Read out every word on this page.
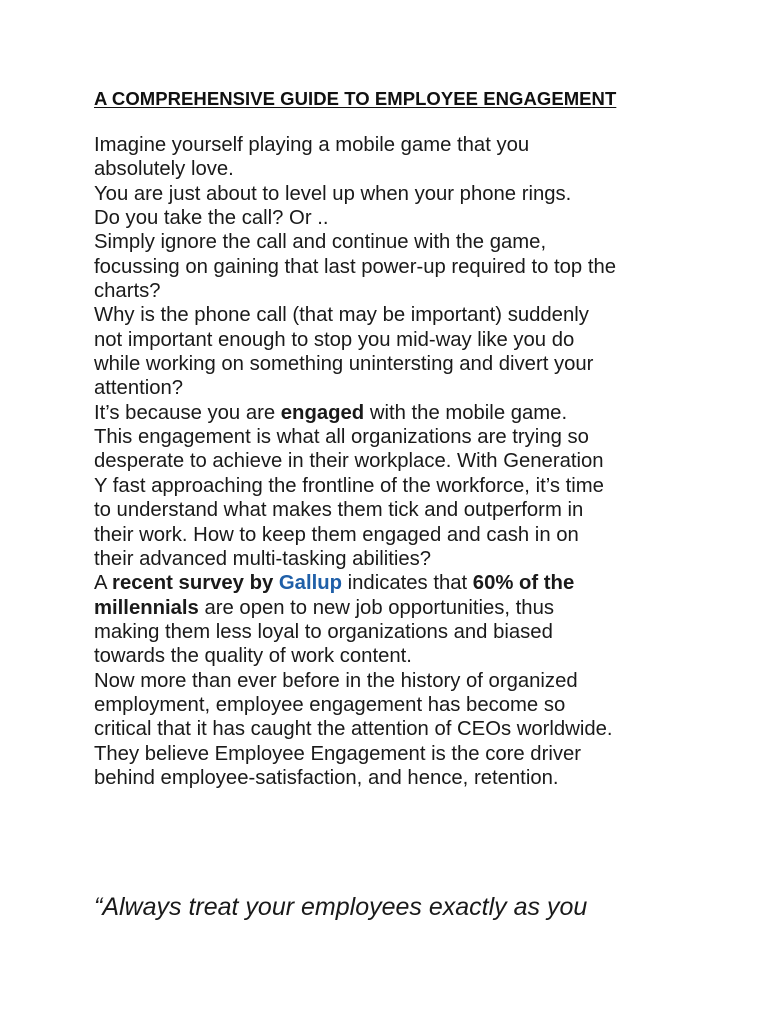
A COMPREHENSIVE GUIDE TO EMPLOYEE ENGAGEMENT
Imagine yourself playing a mobile game that you
absolutely love.
You are just about to level up when your phone rings.
Do you take the call? Or ..
Simply ignore the call and continue with the game,
focussing on gaining that last power-up required to top the
charts?
Why is the phone call (that may be important) suddenly
not important enough to stop you mid-way like you do
while working on something unintersting and divert your
attention?
It’s because you are engaged with the mobile game.
This engagement is what all organizations are trying so
desperate to achieve in their workplace. With Generation
Y fast approaching the frontline of the workforce, it’s time
to understand what makes them tick and outperform in
their work. How to keep them engaged and cash in on
their advanced multi-tasking abilities?
A recent survey by Gallup indicates that 60% of the
millennials are open to new job opportunities, thus
making them less loyal to organizations and biased
towards the quality of work content.
Now more than ever before in the history of organized
employment, employee engagement has become so
critical that it has caught the attention of CEOs worldwide.
They believe Employee Engagement is the core driver
behind employee-satisfaction, and hence, retention.
“Always treat your employees exactly as you
